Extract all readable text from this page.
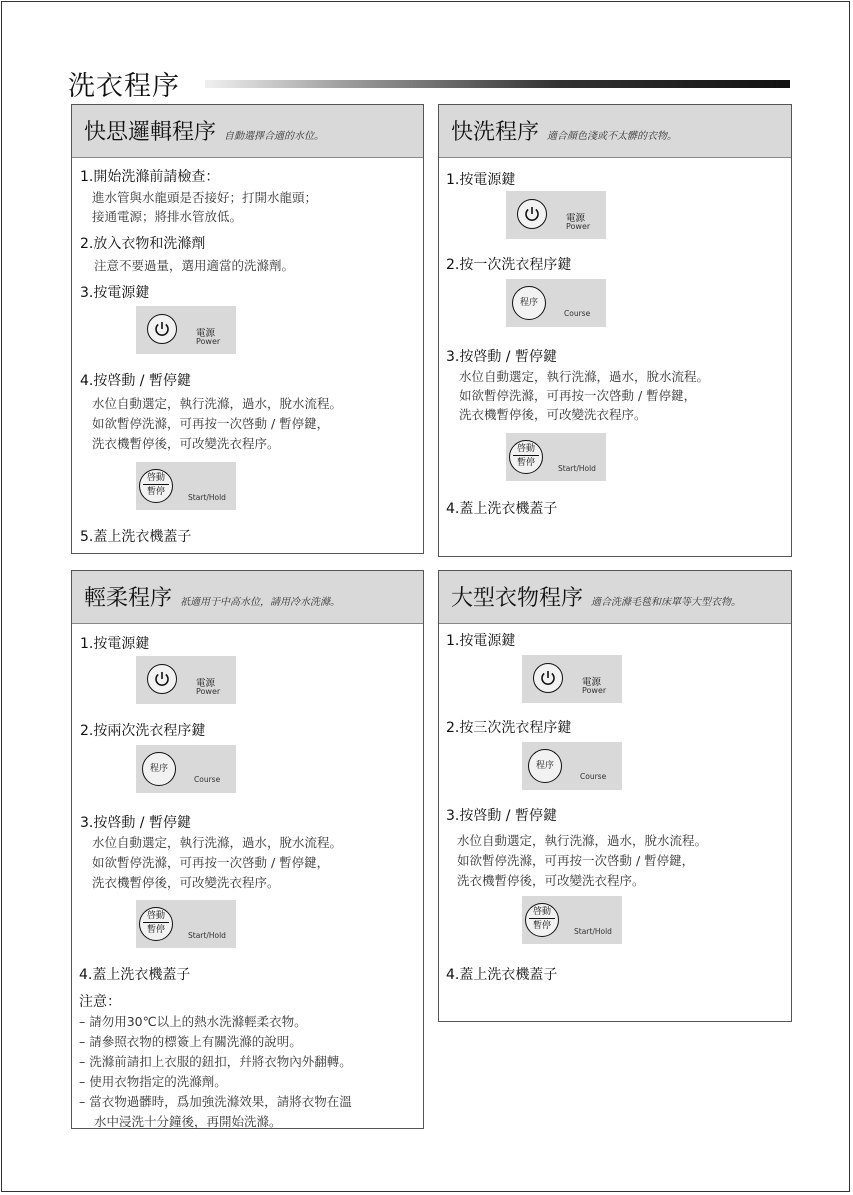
洗衣程序
快思邏輯程序 自動選擇合適的水位。
1.開始洗滌前請檢查：
進水管與水龍頭是否接好；打開水龍頭；
接通電源；將排水管放低。
2.放入衣物和洗滌劑
注意不要過量，選用適當的洗滌劑。
3.按電源鍵
電源
Power
4.按啓動 / 暫停鍵
水位自動選定，執行洗滌，過水，脫水流程。
如欲暫停洗滌，可再按一次啓動 / 暫停鍵，
洗衣機暫停後，可改變洗衣程序。
啓動
暫停
Start/Hold
5.蓋上洗衣機蓋子
快洗程序 適合顏色淺或不太髒的衣物。
1.按電源鍵
電源
Power
2.按一次洗衣程序鍵
程序
Course
3.按啓動 / 暫停鍵
水位自動選定，執行洗滌，過水，脫水流程。
如欲暫停洗滌，可再按一次啓動 / 暫停鍵，
洗衣機暫停後，可改變洗衣程序。
啓動
暫停
Start/Hold
4.蓋上洗衣機蓋子
輕柔程序 祇適用于中高水位，請用冷水洗滌。
1.按電源鍵
電源
Power
2.按兩次洗衣程序鍵
程序
Course
3.按啓動 / 暫停鍵
水位自動選定，執行洗滌，過水，脫水流程。
如欲暫停洗滌，可再按一次啓動 / 暫停鍵，
洗衣機暫停後，可改變洗衣程序。
啓動
暫停
Start/Hold
4.蓋上洗衣機蓋子
注意：
– 請勿用30℃以上的熱水洗滌輕柔衣物。
– 請參照衣物的標簽上有關洗滌的說明。
– 洗滌前請扣上衣服的鈕扣，幷將衣物內外翻轉。
– 使用衣物指定的洗滌劑。
– 當衣物過髒時，爲加強洗滌效果，請將衣物在溫
水中浸洗十分鐘後，再開始洗滌。
大型衣物程序 適合洗滌毛毯和床單等大型衣物。
1.按電源鍵
電源
Power
2.按三次洗衣程序鍵
程序
Course
3.按啓動 / 暫停鍵
水位自動選定，執行洗滌，過水，脫水流程。
如欲暫停洗滌，可再按一次啓動 / 暫停鍵，
洗衣機暫停後，可改變洗衣程序。
啓動
暫停
Start/Hold
4.蓋上洗衣機蓋子
